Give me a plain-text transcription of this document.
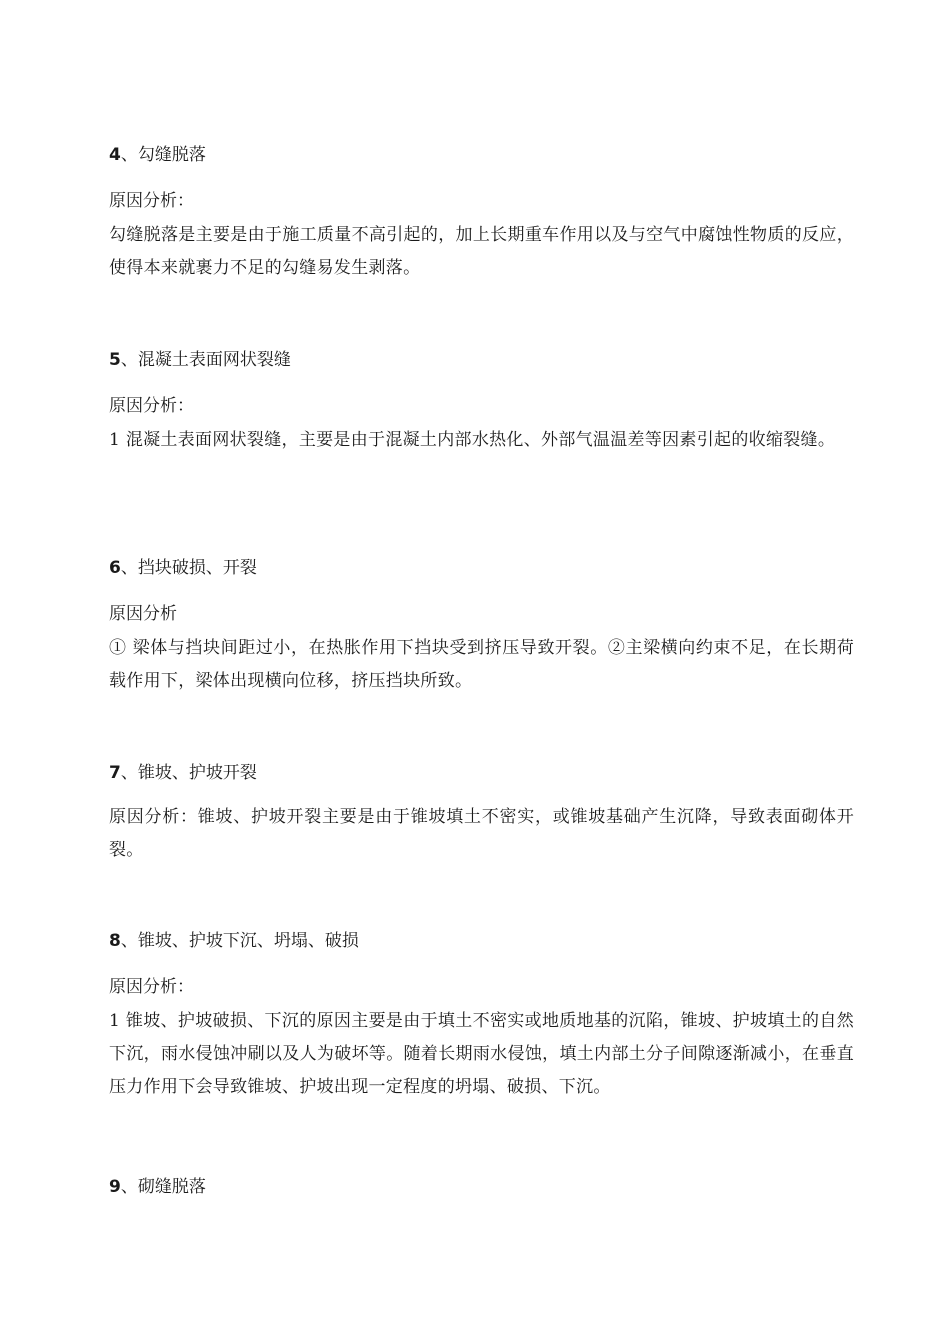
4、勾缝脱落

原因分析：

勾缝脱落是主要是由于施工质量不高引起的，加上长期重车作用以及与空气中腐蚀性物质的反应，使得本来就裹力不足的勾缝易发生剥落。

5、混凝土表面网状裂缝

原因分析：

1 混凝土表面网状裂缝，主要是由于混凝土内部水热化、外部气温温差等因素引起的收缩裂缝。

6、挡块破损、开裂

原因分析

① 梁体与挡块间距过小，在热胀作用下挡块受到挤压导致开裂。②主梁横向约束不足，在长期荷载作用下，梁体出现横向位移，挤压挡块所致。

7、锥坡、护坡开裂

原因分析：锥坡、护坡开裂主要是由于锥坡填土不密实，或锥坡基础产生沉降，导致表面砌体开裂。

8、锥坡、护坡下沉、坍塌、破损

原因分析：

1 锥坡、护坡破损、下沉的原因主要是由于填土不密实或地质地基的沉陷，锥坡、护坡填土的自然下沉，雨水侵蚀冲刷以及人为破坏等。随着长期雨水侵蚀，填土内部土分子间隙逐渐减小，在垂直压力作用下会导致锥坡、护坡出现一定程度的坍塌、破损、下沉。

9、砌缝脱落
